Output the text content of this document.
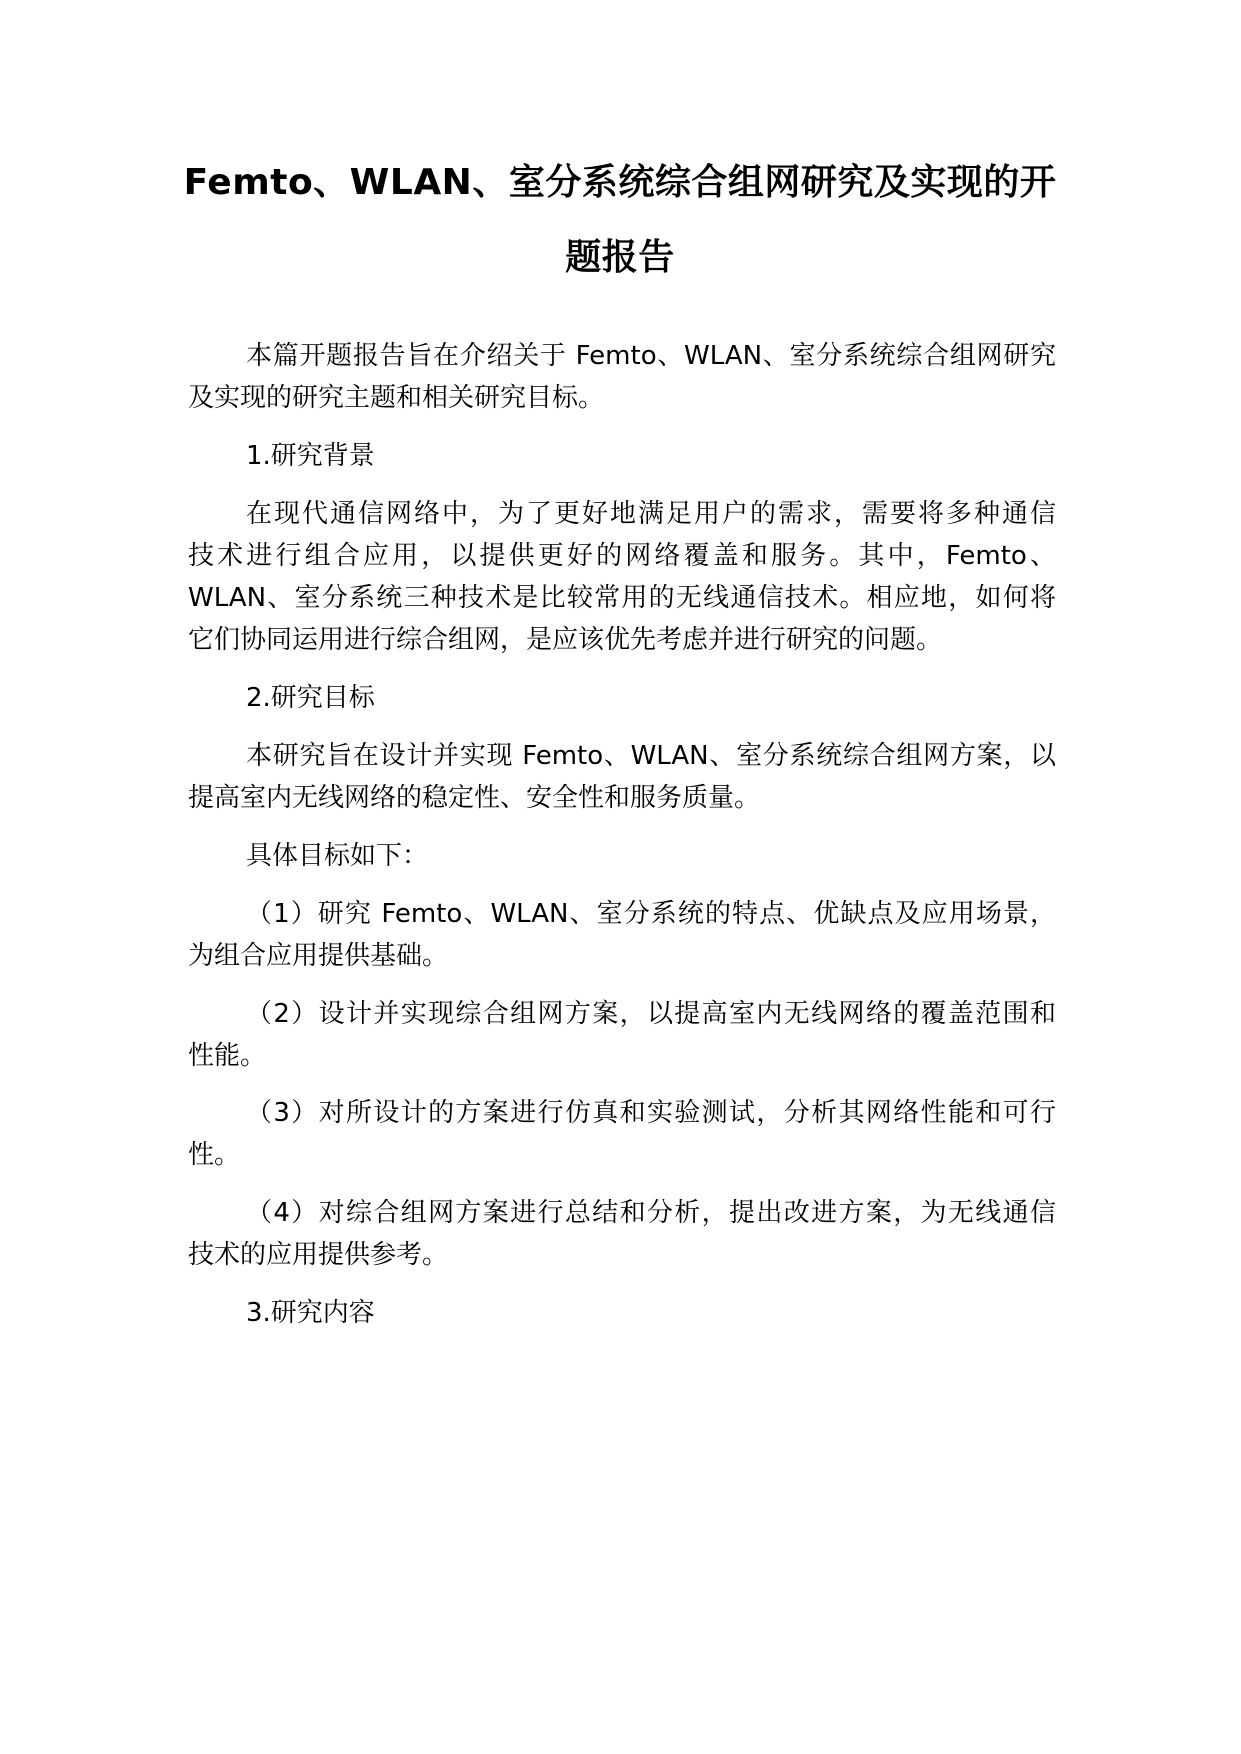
Femto、WLAN、室分系统综合组网研究及实现的开
题报告

本篇开题报告旨在介绍关于 Femto、WLAN、室分系统综合组网研究

及实现的研究主题和相关研究目标。

1.研究背景

在现代通信网络中，为了更好地满足用户的需求，需要将多种通信

技术进行组合应用，以提供更好的网络覆盖和服务。其中，Femto、

WLAN、室分系统三种技术是比较常用的无线通信技术。相应地，如何将

它们协同运用进行综合组网，是应该优先考虑并进行研究的问题。

2.研究目标

本研究旨在设计并实现 Femto、WLAN、室分系统综合组网方案，以

提高室内无线网络的稳定性、安全性和服务质量。

具体目标如下：

（1）研究 Femto、WLAN、室分系统的特点、优缺点及应用场景，

为组合应用提供基础。

（2）设计并实现综合组网方案，以提高室内无线网络的覆盖范围和

性能。

（3）对所设计的方案进行仿真和实验测试，分析其网络性能和可行

性。

（4）对综合组网方案进行总结和分析，提出改进方案，为无线通信

技术的应用提供参考。

3.研究内容
